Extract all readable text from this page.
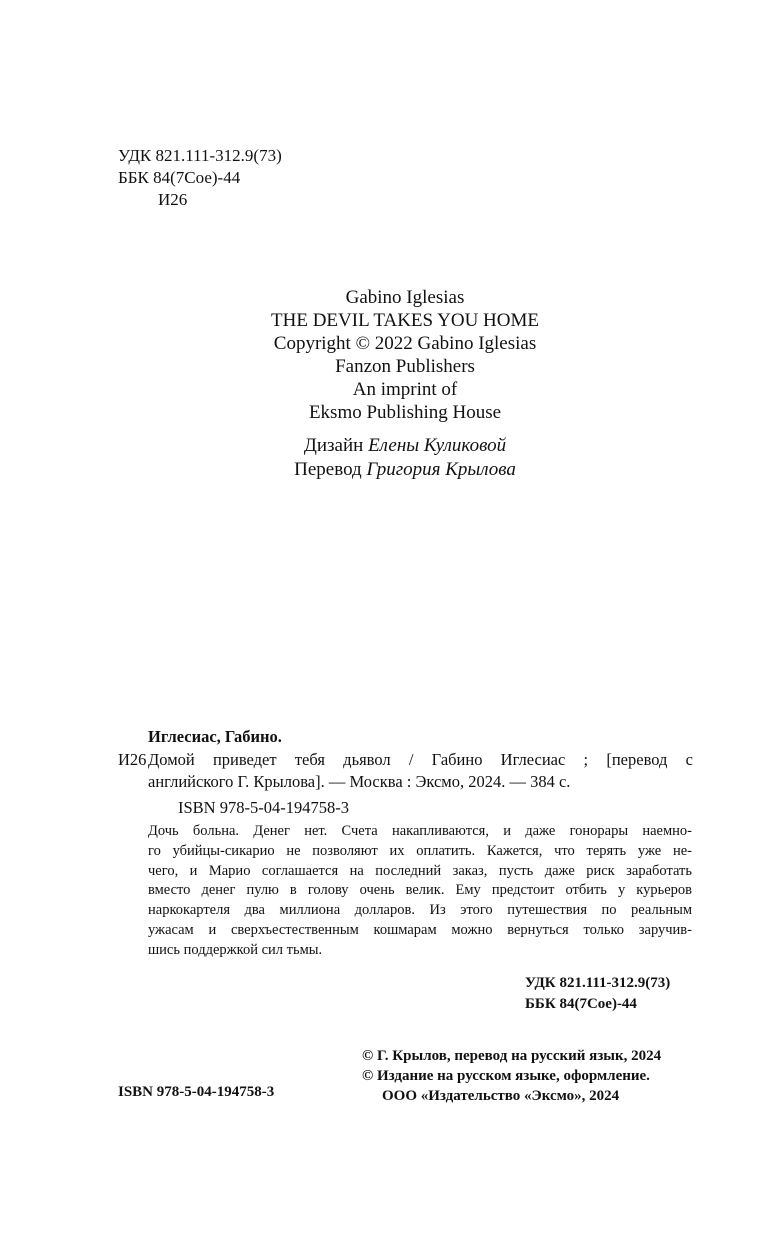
УДК 821.111-312.9(73)
ББК 84(7Сое)-44
И26
Gabino Iglesias
THE DEVIL TAKES YOU HOME
Copyright © 2022 Gabino Iglesias
Fanzon Publishers
An imprint of
Eksmo Publishing House
Дизайн Елены Куликовой
Перевод Григория Крылова
Иглесиас, Габино.
И26 Домой приведет тебя дьявол / Габино Иглесиас ; [перевод с
английского Г. Крылова]. — Москва : Эксмо, 2024. — 384 с.
ISBN 978-5-04-194758-3
Дочь больна. Денег нет. Счета накапливаются, и даже гонорары наемно-
го убийцы-сикарио не позволяют их оплатить. Кажется, что терять уже не-
чего, и Марио соглашается на последний заказ, пусть даже риск заработать
вместо денег пулю в голову очень велик. Ему предстоит отбить у курьеров
наркокартеля два миллиона долларов. Из этого путешествия по реальным
ужасам и сверхъестественным кошмарам можно вернуться только заручив-
шись поддержкой сил тьмы.
УДК 821.111-312.9(73)
ББК 84(7Сое)-44
© Г. Крылов, перевод на русский язык, 2024
© Издание на русском языке, оформление.
ООО «Издательство «Эксмо», 2024
ISBN 978-5-04-194758-3
